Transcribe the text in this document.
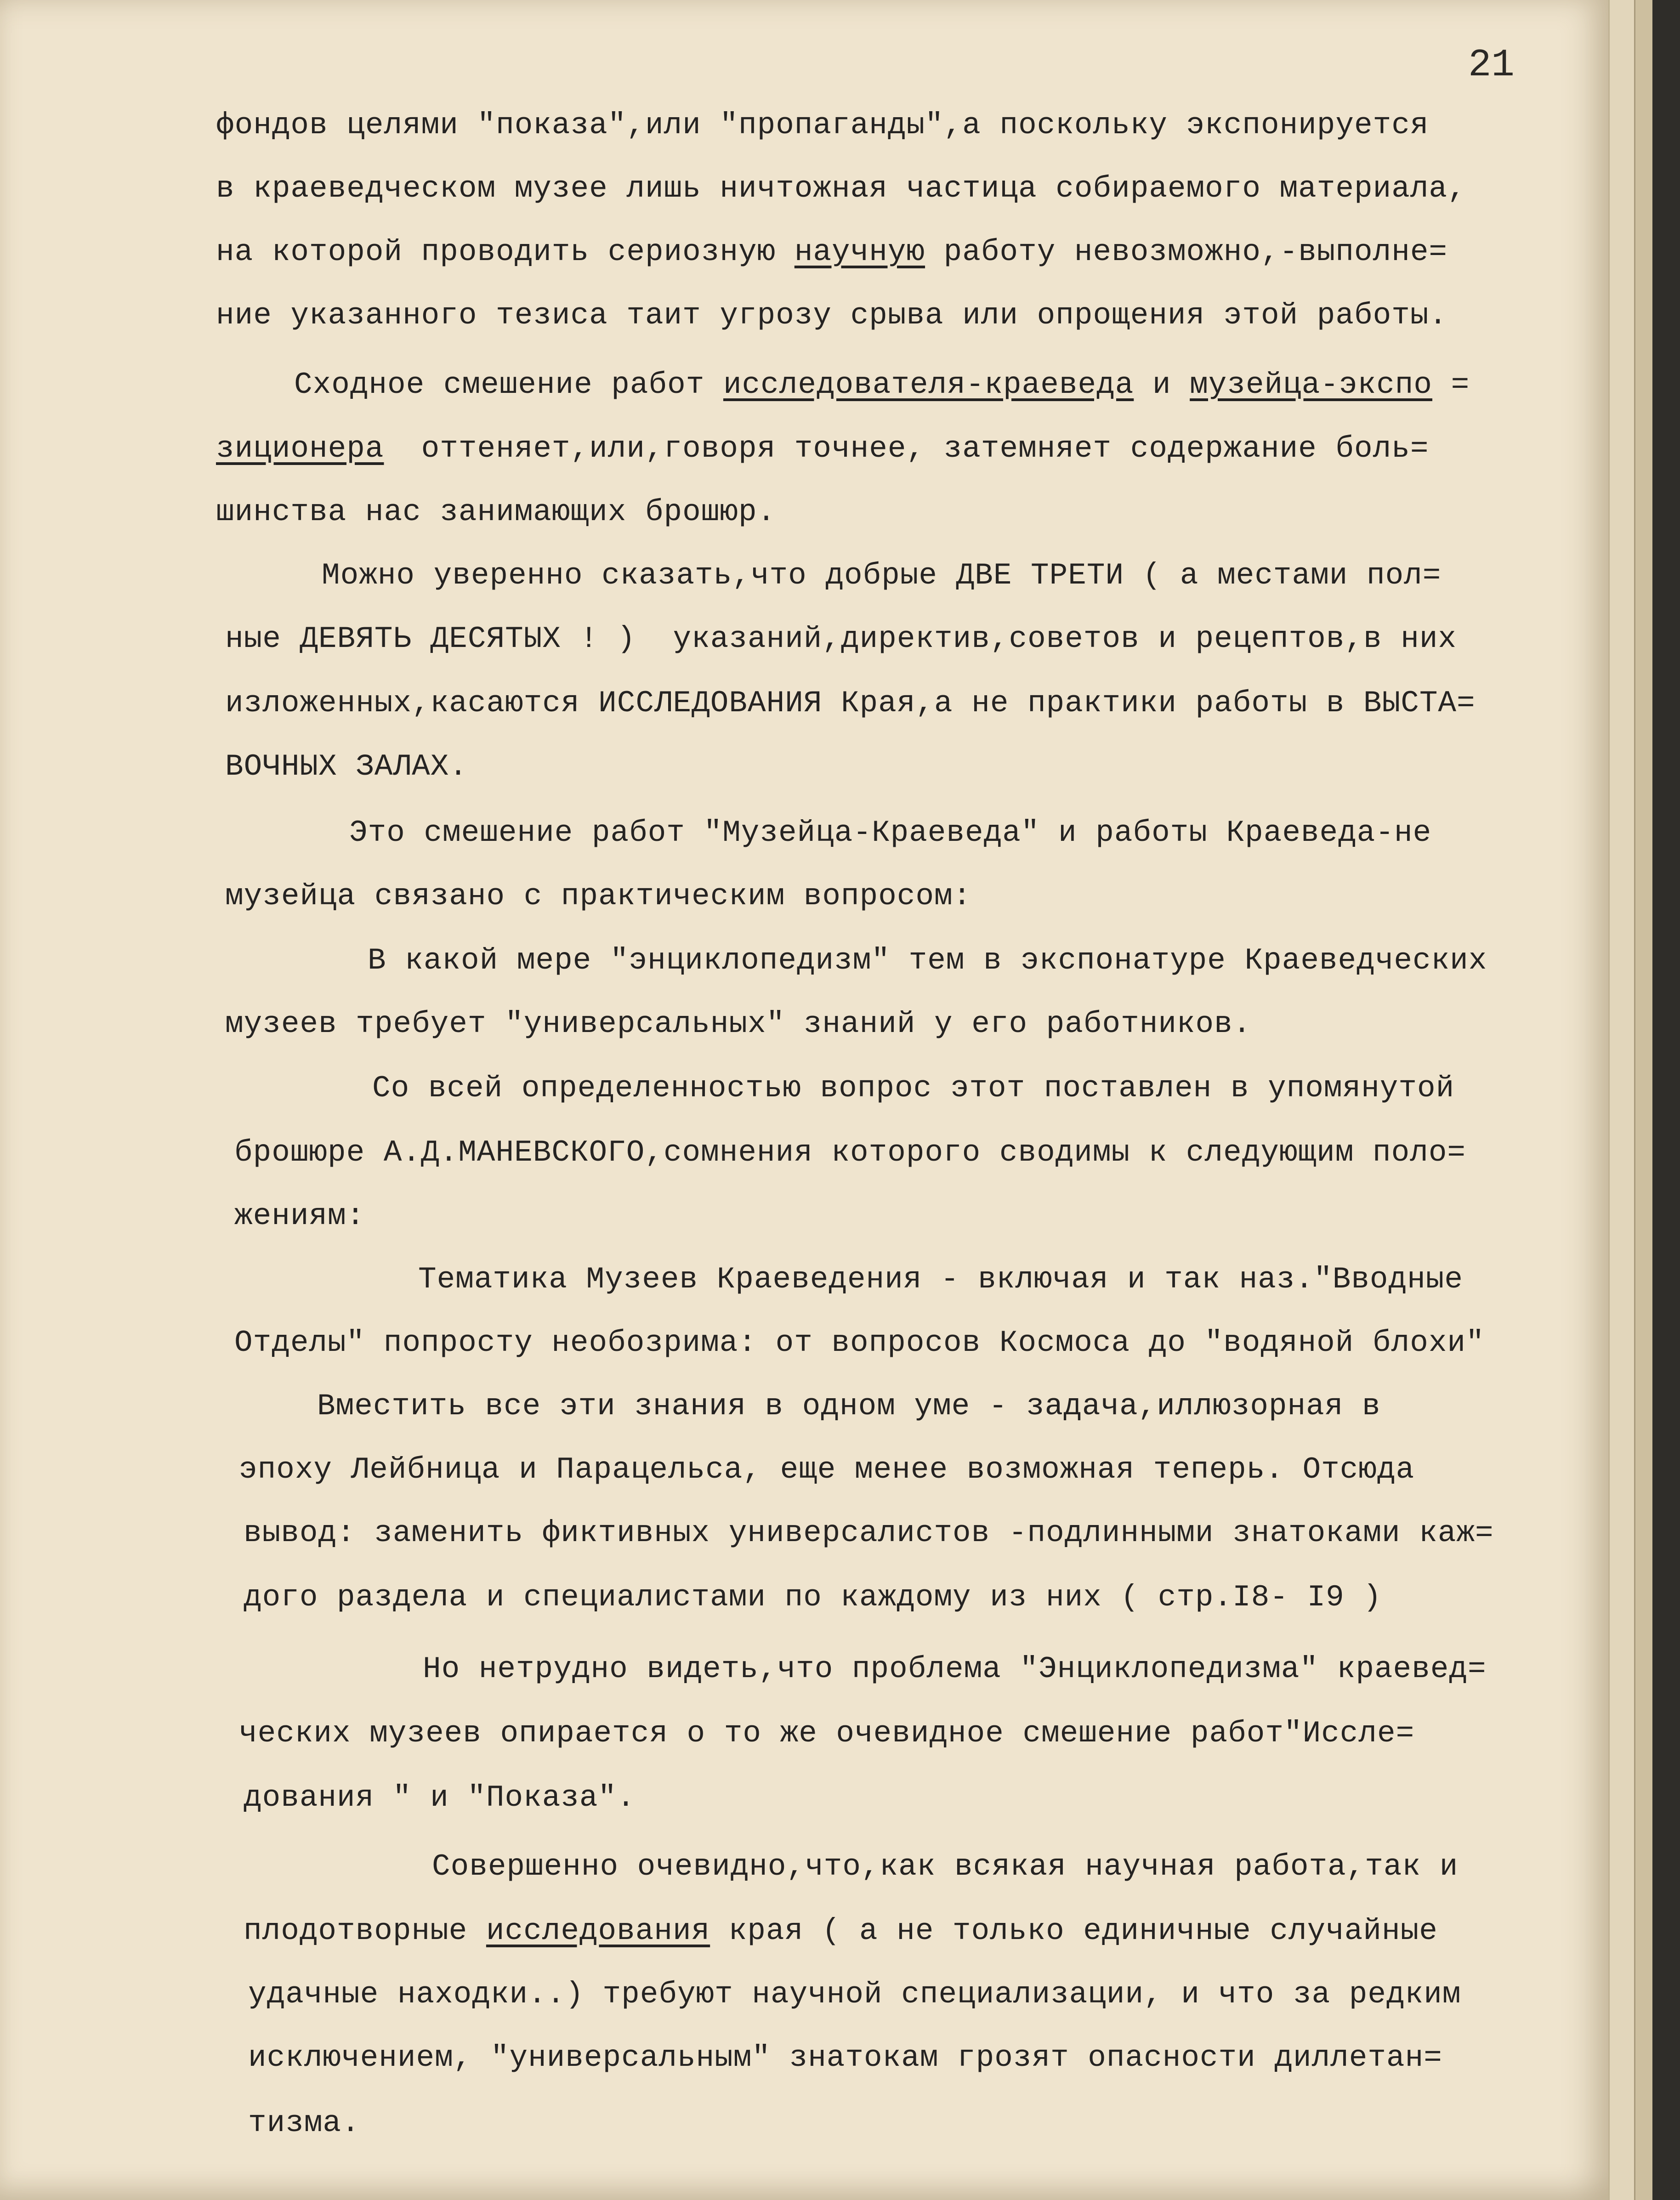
21
фондов целями "показа",или "пропаганды",а поскольку экспонируется
в краеведческом музее лишь ничтожная частица собираемого материала,
на которой проводить сериозную научную работу невозможно,-выполне=
ние указанного тезиса таит угрозу срыва или опрощения этой работы.
Сходное смешение работ исследователя-краеведа и музейца-экспо =
зиционера  оттеняет,или,говоря точнее, затемняет содержание боль=
шинства нас занимающих брошюр.
Можно уверенно сказать,что добрые ДВЕ ТРЕТИ ( а местами пол=
ные ДЕВЯТЬ ДЕСЯТЫХ ! )  указаний,директив,советов и рецептов,в них
изложенных,касаются ИССЛЕДОВАНИЯ Края,а не практики работы в ВЫСТА=
ВОЧНЫХ ЗАЛАХ.
Это смешение работ "Музейца-Краеведа" и работы Краеведа-не
музейца связано с практическим вопросом:
В какой мере "энциклопедизм" тем в экспонатуре Краеведческих
музеев требует "универсальных" знаний у его работников.
Со всей определенностью вопрос этот поставлен в упомянутой
брошюре А.Д.МАНЕВСКОГО,сомнения которого сводимы к следующим поло=
жениям:
Тематика Музеев Краеведения - включая и так наз."Вводные
Отделы" попросту необозрима: от вопросов Космоса до "водяной блохи"
Вместить все эти знания в одном уме - задача,иллюзорная в
эпоху Лейбница и Парацельса, еще менее возможная теперь. Отсюда
вывод: заменить фиктивных универсалистов -подлинными знатоками каж=
дого раздела и специалистами по каждому из них ( стр.I8- I9 )
Но нетрудно видеть,что проблема "Энциклопедизма" краевед=
ческих музеев опирается о то же очевидное смешение работ"Иссле=
дования " и "Показа".
Совершенно очевидно,что,как всякая научная работа,так и
плодотворные исследования края ( а не только единичные случайные
удачные находки..) требуют научной специализации, и что за редким
исключением, "универсальным" знатокам грозят опасности диллетан=
тизма.
